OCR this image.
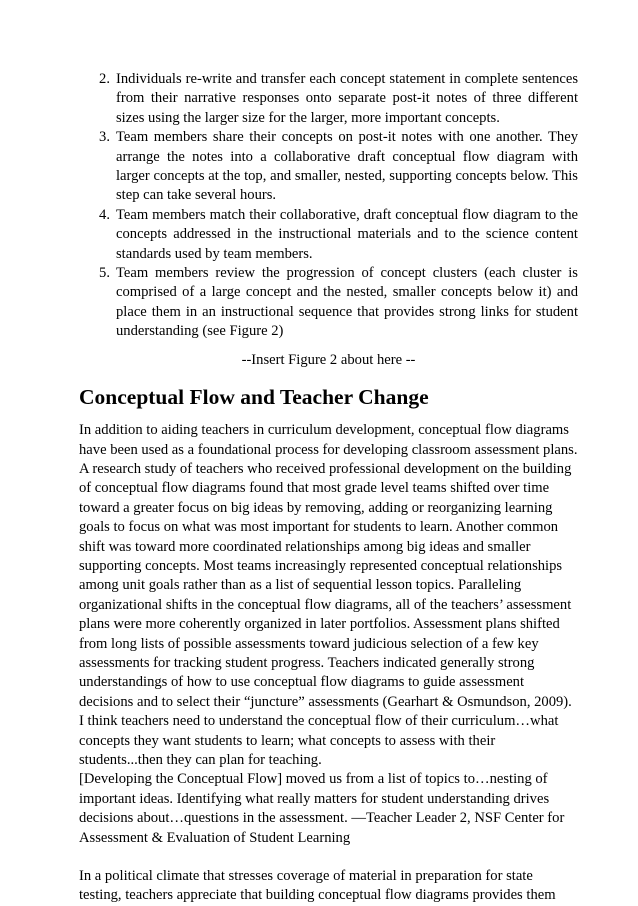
2. Individuals re-write and transfer each concept statement in complete sentences from their narrative responses onto separate post-it notes of three different sizes using the larger size for the larger, more important concepts.
3. Team members share their concepts on post-it notes with one another. They arrange the notes into a collaborative draft conceptual flow diagram with larger concepts at the top, and smaller, nested, supporting concepts below. This step can take several hours.
4. Team members match their collaborative, draft conceptual flow diagram to the concepts addressed in the instructional materials and to the science content standards used by team members.
5. Team members review the progression of concept clusters (each cluster is comprised of a large concept and the nested, smaller concepts below it) and place them in an instructional sequence that provides strong links for student understanding (see Figure 2)

--Insert Figure 2 about here --

Conceptual Flow and Teacher Change

In addition to aiding teachers in curriculum development, conceptual flow diagrams have been used as a foundational process for developing classroom assessment plans. A research study of teachers who received professional development on the building of conceptual flow diagrams found that most grade level teams shifted over time toward a greater focus on big ideas by removing, adding or reorganizing learning goals to focus on what was most important for students to learn. Another common shift was toward more coordinated relationships among big ideas and smaller supporting concepts. Most teams increasingly represented conceptual relationships among unit goals rather than as a list of sequential lesson topics. Paralleling organizational shifts in the conceptual flow diagrams, all of the teachers’ assessment plans were more coherently organized in later portfolios. Assessment plans shifted from long lists of possible assessments toward judicious selection of a few key assessments for tracking student progress. Teachers indicated generally strong understandings of how to use conceptual flow diagrams to guide assessment decisions and to select their “juncture” assessments (Gearhart & Osmundson, 2009).

I think teachers need to understand the conceptual flow of their curriculum…what concepts they want students to learn; what concepts to assess with their students...then they can plan for teaching.

[Developing the Conceptual Flow] moved us from a list of topics to…nesting of important ideas. Identifying what really matters for student understanding drives decisions about…questions in the assessment. —Teacher Leader 2, NSF Center for Assessment & Evaluation of Student Learning

In a political climate that stresses coverage of material in preparation for state testing, teachers appreciate that building conceptual flow diagrams provides them
